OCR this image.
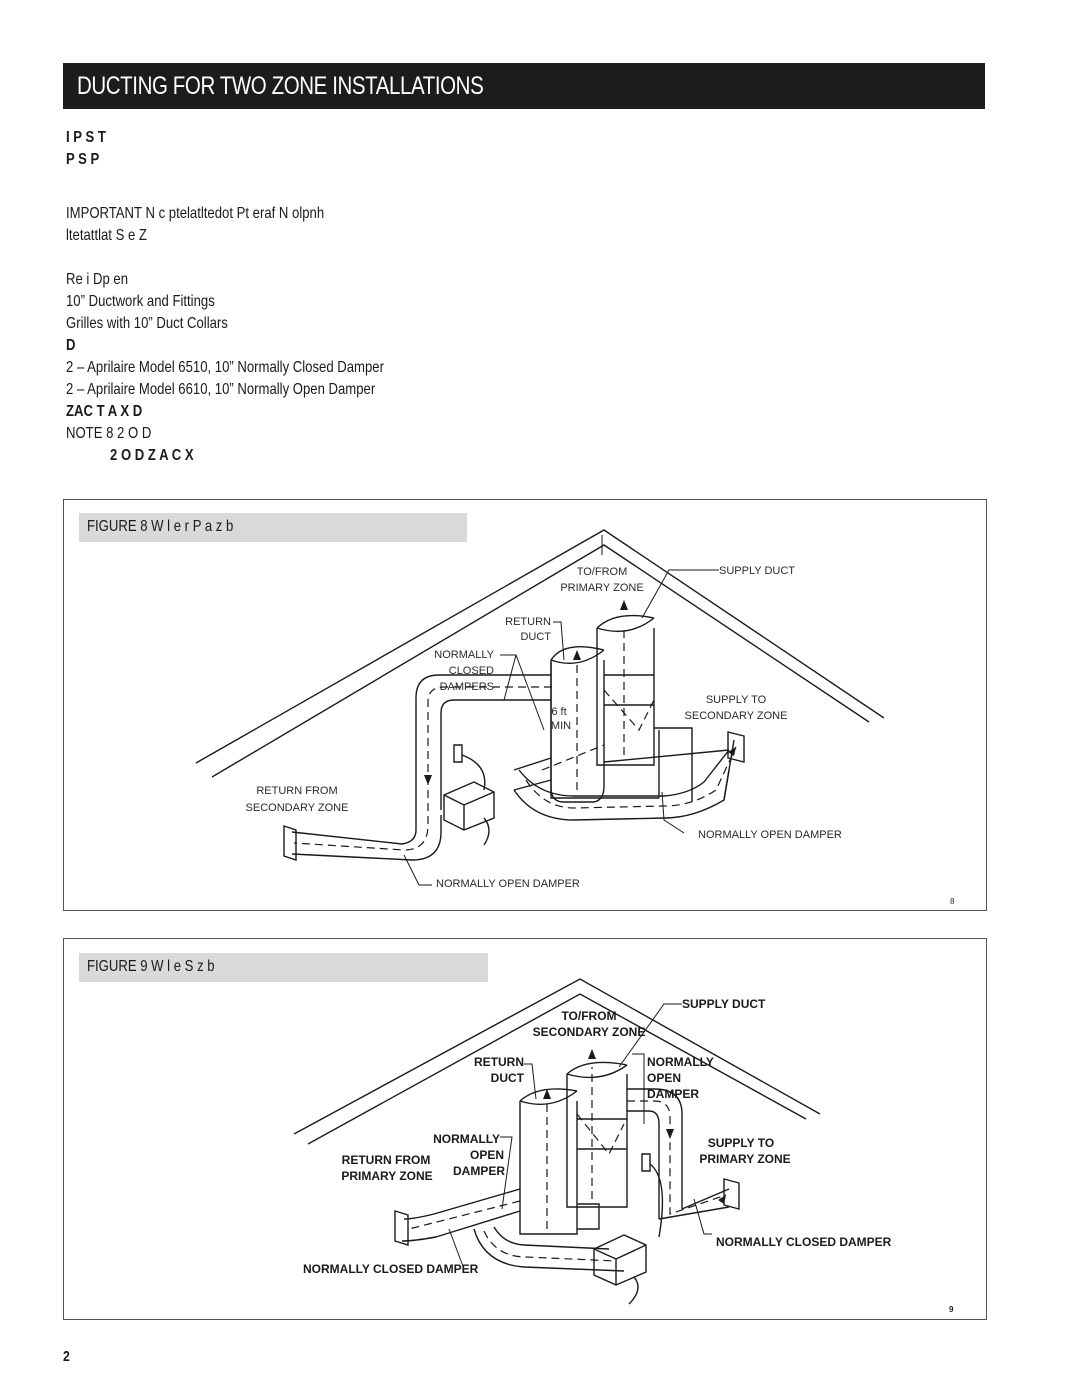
DUCTING FOR TWO ZONE INSTALLATIONS
I P S T
P S P
IMPORTANT N c ptelatltedot Pt eraf N olpnh
ltetattlat S e Z
Re i Dp en
10” Ductwork and Fittings
Grilles with 10” Duct Collars
D
2 – Aprilaire Model 6510, 10” Normally Closed Damper
2 – Aprilaire Model 6610, 10” Normally Open Damper
ZAC T A X D
NOTE 8 2 O D
2 O D Z A C X
FIGURE 8 W l e r P a z b
TO/FROM
PRIMARY ZONE
SUPPLY DUCT
RETURN
DUCT
NORMALLY
CLOSED
DAMPERS
6 ft
MIN
SUPPLY TO
SECONDARY ZONE
RETURN FROM
SECONDARY ZONE
NORMALLY OPEN DAMPER
NORMALLY OPEN DAMPER
8
FIGURE 9 W l e S z b
SUPPLY DUCT
TO/FROM
SECONDARY ZONE
RETURN
DUCT
NORMALLY
OPEN
DAMPER
NORMALLY
OPEN
DAMPER
SUPPLY TO
PRIMARY ZONE
RETURN FROM
PRIMARY ZONE
NORMALLY CLOSED DAMPER
NORMALLY CLOSED DAMPER
9
2
